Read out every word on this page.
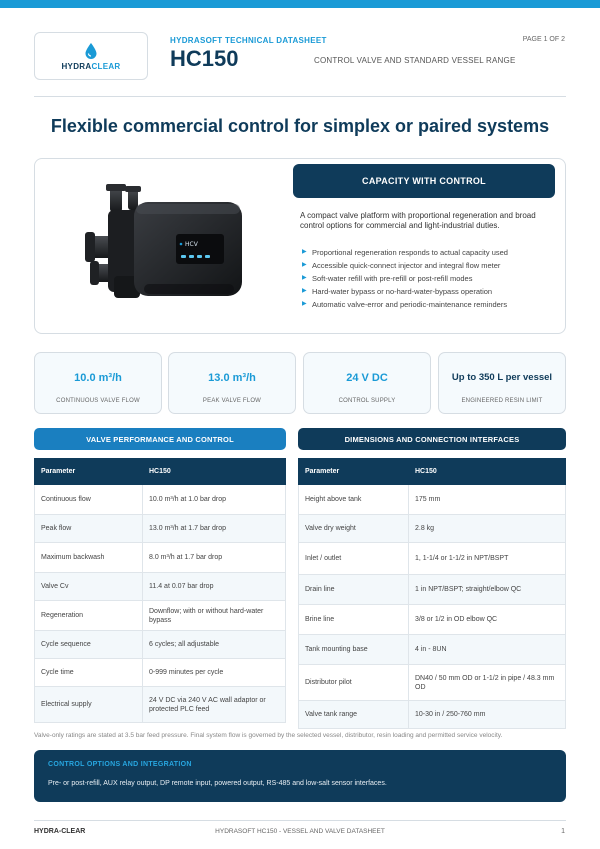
HYDRACLEAR
HYDRASOFT TECHNICAL DATASHEET
HC150	CONTROL VALVE AND STANDARD VESSEL RANGE
PAGE 1 OF 2
Flexible commercial control for simplex or paired systems
CAPACITY WITH CONTROL
HCV
A compact valve platform with proportional regeneration and broad control options for commercial and light-industrial duties.
▶ Proportional regeneration responds to actual capacity used
▶ Accessible quick-connect injector and integral flow meter
▶ Soft-water refill with pre-refill or post-refill modes
▶ Hard-water bypass or no-hard-water-bypass operation
▶ Automatic valve-error and periodic-maintenance reminders
10.0 m³/h
CONTINUOUS VALVE FLOW
13.0 m³/h
PEAK VALVE FLOW
24 V DC
CONTROL SUPPLY
Up to 350 L per vessel
ENGINEERED RESIN LIMIT
VALVE PERFORMANCE AND CONTROL	DIMENSIONS AND CONNECTION INTERFACES
Parameter	HC150
Continuous flow	10.0 m³/h at 1.0 bar drop
Peak flow	13.0 m³/h at 1.7 bar drop
Maximum backwash	8.0 m³/h at 1.7 bar drop
Valve Cv	11.4 at 0.07 bar drop
Regeneration	Downflow; with or without hard-water bypass
Cycle sequence	6 cycles; all adjustable
Cycle time	0-999 minutes per cycle
Electrical supply	24 V DC via 240 V AC wall adaptor or protected PLC feed
Parameter	HC150
Height above tank	175 mm
Valve dry weight	2.8 kg
Inlet / outlet	1, 1-1/4 or 1-1/2 in NPT/BSPT
Drain line	1 in NPT/BSPT; straight/elbow QC
Brine line	3/8 or 1/2 in OD elbow QC
Tank mounting base	4 in - 8UN
Distributor pilot	DN40 / 50 mm OD or 1-1/2 in pipe / 48.3 mm OD
Valve tank range	10-30 in / 250-760 mm
Valve-only ratings are stated at 3.5 bar feed pressure. Final system flow is governed by the selected vessel, distributor, resin loading and permitted service velocity.
CONTROL OPTIONS AND INTEGRATION
Pre- or post-refill, AUX relay output, DP remote input, powered output, RS-485 and low-salt sensor interfaces.
HYDRA-CLEAR	HYDRASOFT HC150 - VESSEL AND VALVE DATASHEET	1
